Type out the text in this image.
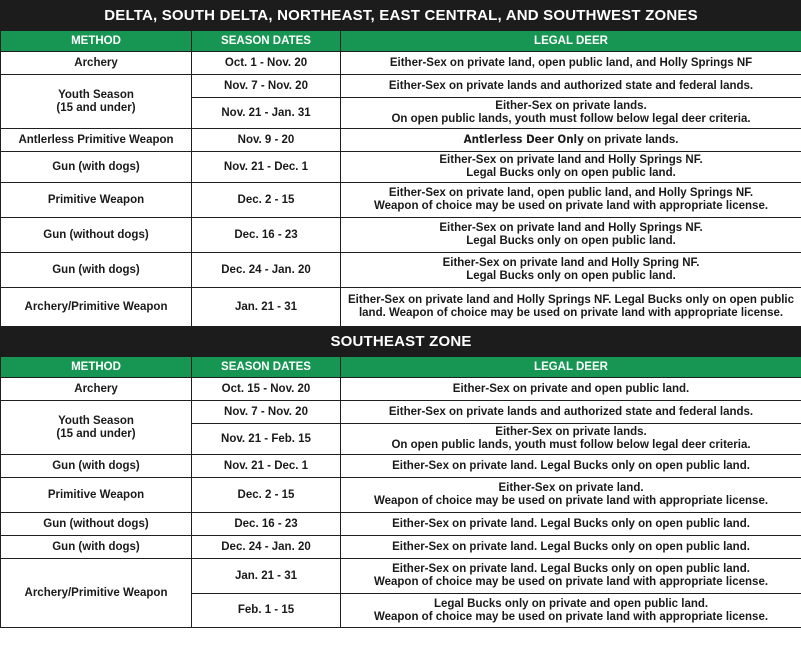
DELTA, SOUTH DELTA, NORTHEAST, EAST CENTRAL, AND SOUTHWEST ZONES		
METHOD	SEASON DATES	LEGAL DEER
Archery	Oct. 1 - Nov. 20	Either-Sex on private land, open public land, and Holly Springs NF

Youth Season
(15 and under)	Nov. 7 - Nov. 20	Either-Sex on private lands and authorized state and federal lands.
	Nov. 21 - Jan. 31	Either-Sex on private lands.
On open public lands, youth must follow below legal deer criteria.

Antlerless Primitive Weapon	Nov. 9 - 20	Antlerless Deer Only on private lands.
Gun (with dogs)	Nov. 21 - Dec. 1	Either-Sex on private land and Holly Springs NF.
Legal Bucks only on open public land.

Primitive Weapon	Dec. 2 - 15	Either-Sex on private land, open public land, and Holly Springs NF.
Weapon of choice may be used on private land with appropriate license.

Gun (without dogs)	Dec. 16 - 23	Either-Sex on private land and Holly Springs NF.
Legal Bucks only on open public land.

Gun (with dogs)	Dec. 24 - Jan. 20	Either-Sex on private land and Holly Spring NF.
Legal Bucks only on open public land.

Archery/Primitive Weapon	Jan. 21 - 31	Either-Sex on private land and Holly Springs NF. Legal Bucks only on open public
land. Weapon of choice may be used on private land with appropriate license.

SOUTHEAST ZONE		
METHOD	SEASON DATES	LEGAL DEER
Archery	Oct. 15 - Nov. 20	Either-Sex on private and open public land.

Youth Season
(15 and under)	Nov. 7 - Nov. 20	Either-Sex on private lands and authorized state and federal lands.
	Nov. 21 - Feb. 15	Either-Sex on private lands.
On open public lands, youth must follow below legal deer criteria.

Gun (with dogs)	Nov. 21 - Dec. 1	Either-Sex on private land. Legal Bucks only on open public land.
Primitive Weapon	Dec. 2 - 15	Either-Sex on private land.
Weapon of choice may be used on private land with appropriate license.

Gun (without dogs)	Dec. 16 - 23	Either-Sex on private land. Legal Bucks only on open public land.
Gun (with dogs)	Dec. 24 - Jan. 20	Either-Sex on private land. Legal Bucks only on open public land.
Archery/Primitive Weapon	Jan. 21 - 31	Either-Sex on private land. Legal Bucks only on open public land.
Weapon of choice may be used on private land with appropriate license.

	Feb. 1 - 15	Legal Bucks only on private and open public land.
Weapon of choice may be used on private land with appropriate license.
